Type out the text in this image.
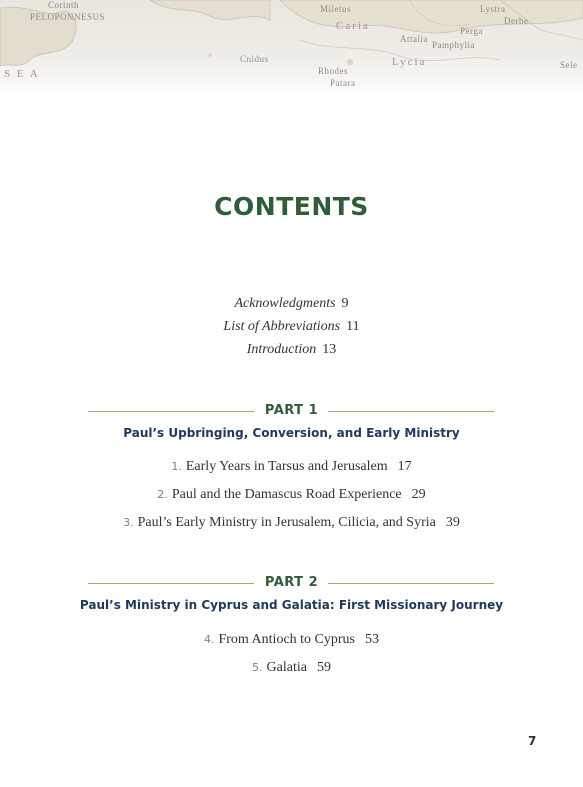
Corinth
PELOPONNESUS
S E A
Cnidus
Rhodes
Patara
Miletus
Caria
Lycia
Pamphylia
Derbe
Lystra
Attalia
Perga
Sele
CONTENTS
Acknowledgments 9
List of Abbreviations 11
Introduction 13
PART 1
Paul’s Upbringing, Conversion, and Early Ministry
1. Early Years in Tarsus and Jerusalem 17
2. Paul and the Damascus Road Experience 29
3. Paul’s Early Ministry in Jerusalem, Cilicia, and Syria 39
PART 2
Paul’s Ministry in Cyprus and Galatia: First Missionary Journey
4. From Antioch to Cyprus 53
5. Galatia 59
7
